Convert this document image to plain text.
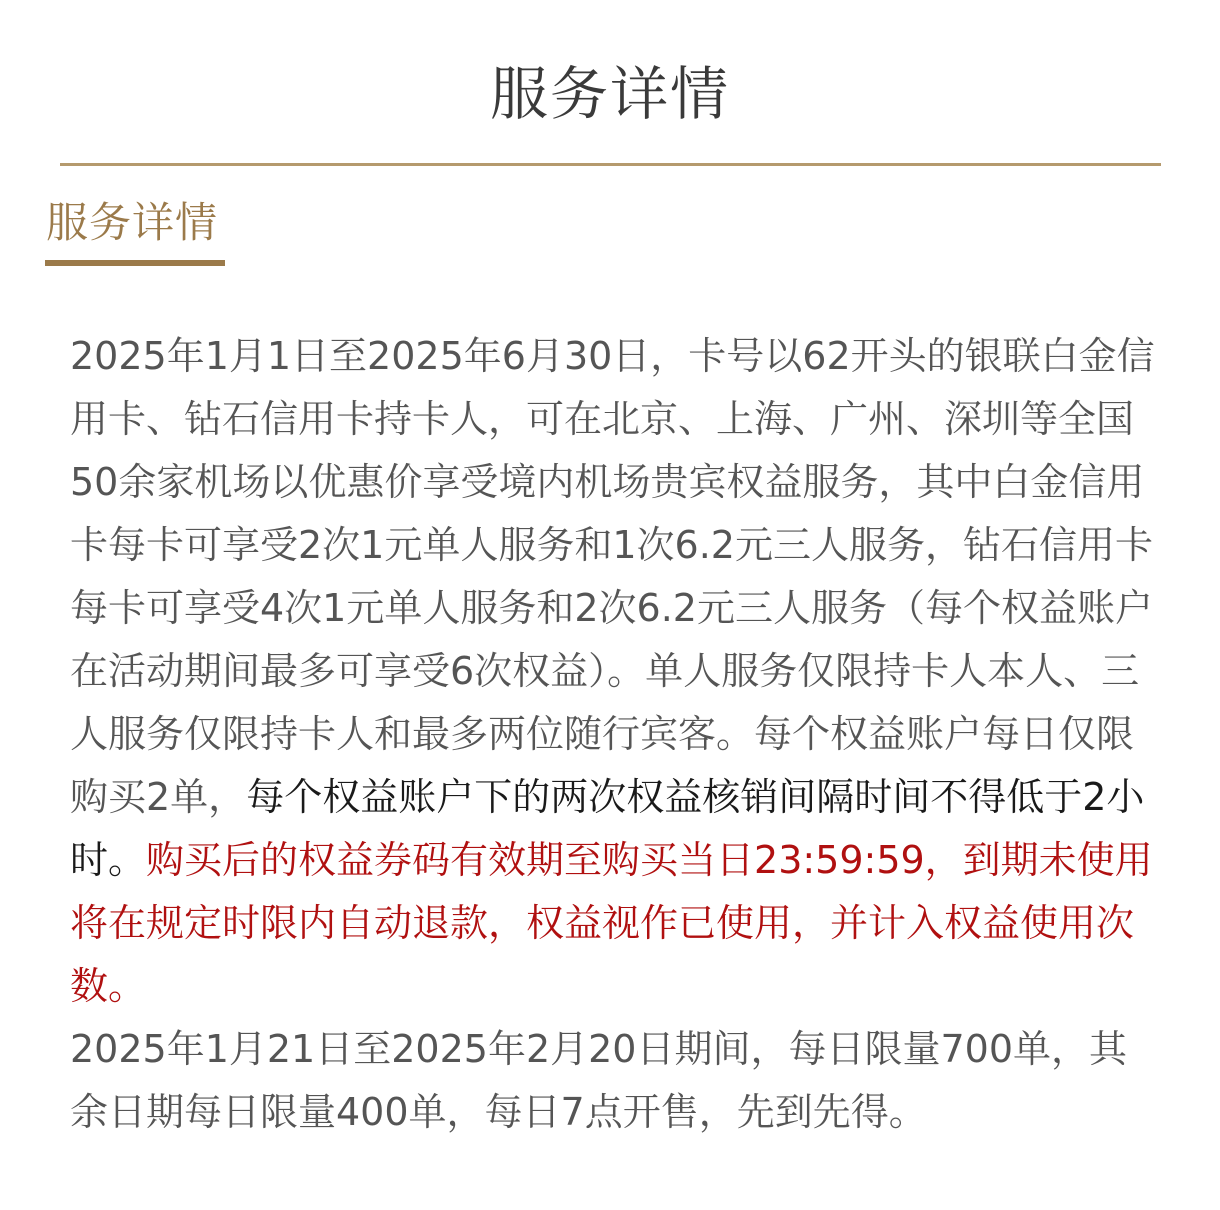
服务详情
服务详情

2025年1月1日至2025年6月30日，卡号以62开头的银联白金信用卡、钻石信用卡持卡人，可在北京、上海、广州、深圳等全国50余家机场以优惠价享受境内机场贵宾权益服务，其中白金信用卡每卡可享受2次1元单人服务和1次6.2元三人服务，钻石信用卡每卡可享受4次1元单人服务和2次6.2元三人服务（每个权益账户在活动期间最多可享受6次权益）。单人服务仅限持卡人本人、三人服务仅限持卡人和最多两位随行宾客。每个权益账户每日仅限购买2单，每个权益账户下的两次权益核销间隔时间不得低于2小时。购买后的权益券码有效期至购买当日23:59:59，到期未使用将在规定时限内自动退款，权益视作已使用，并计入权益使用次数。

2025年1月21日至2025年2月20日期间，每日限量700单，其余日期每日限量400单，每日7点开售，先到先得。
